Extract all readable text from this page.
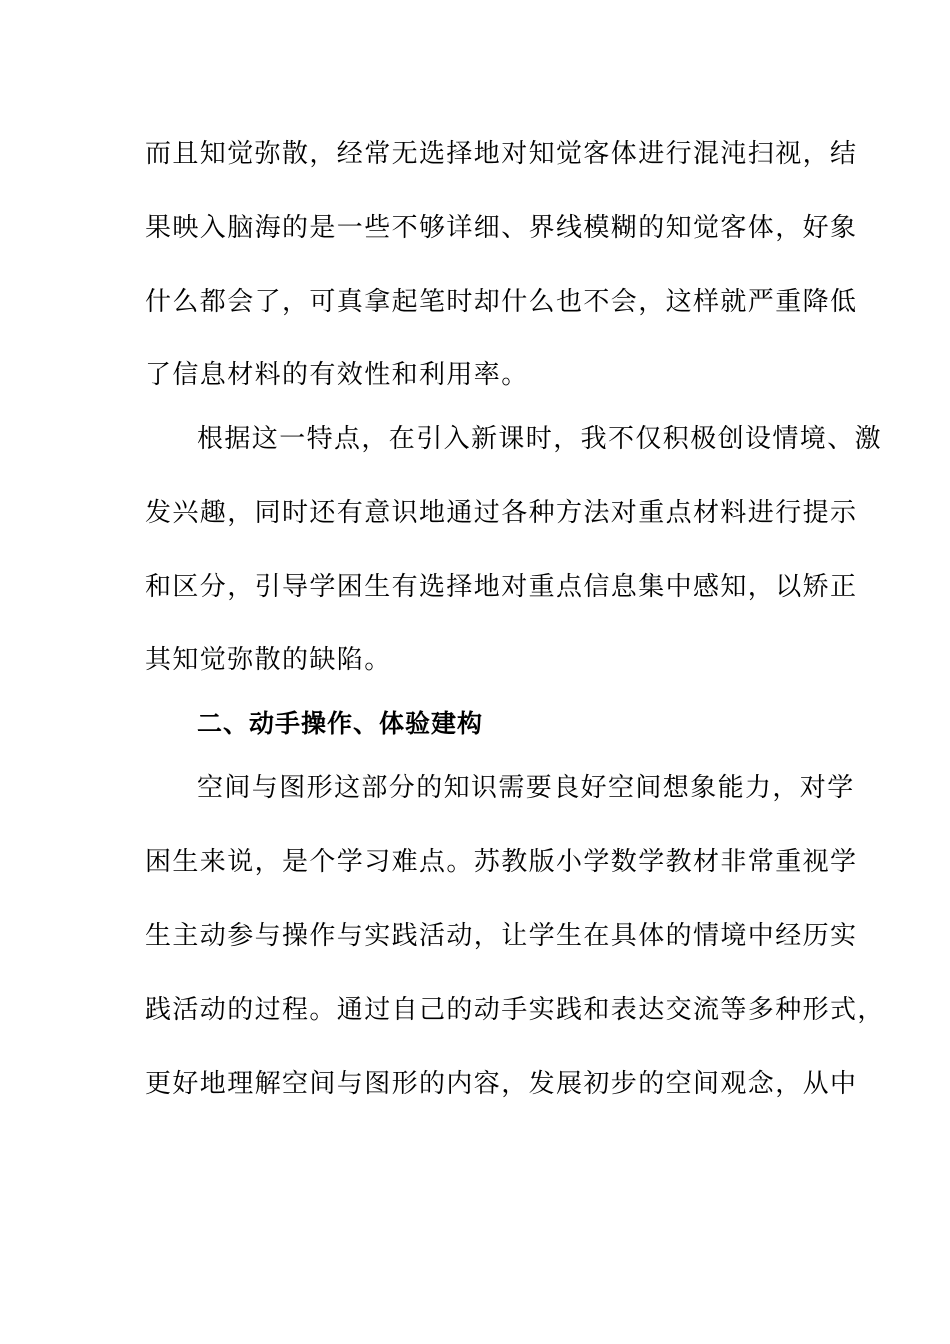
而且知觉弥散，经常无选择地对知觉客体进行混沌扫视，结
果映入脑海的是一些不够详细、界线模糊的知觉客体，好象
什么都会了，可真拿起笔时却什么也不会，这样就严重降低
了信息材料的有效性和利用率。
根据这一特点，在引入新课时，我不仅积极创设情境、激
发兴趣，同时还有意识地通过各种方法对重点材料进行提示
和区分，引导学困生有选择地对重点信息集中感知，以矫正
其知觉弥散的缺陷。
二、动手操作、体验建构
空间与图形这部分的知识需要良好空间想象能力，对学
困生来说，是个学习难点。苏教版小学数学教材非常重视学
生主动参与操作与实践活动，让学生在具体的情境中经历实
践活动的过程。通过自己的动手实践和表达交流等多种形式，
更好地理解空间与图形的内容，发展初步的空间观念，从中
